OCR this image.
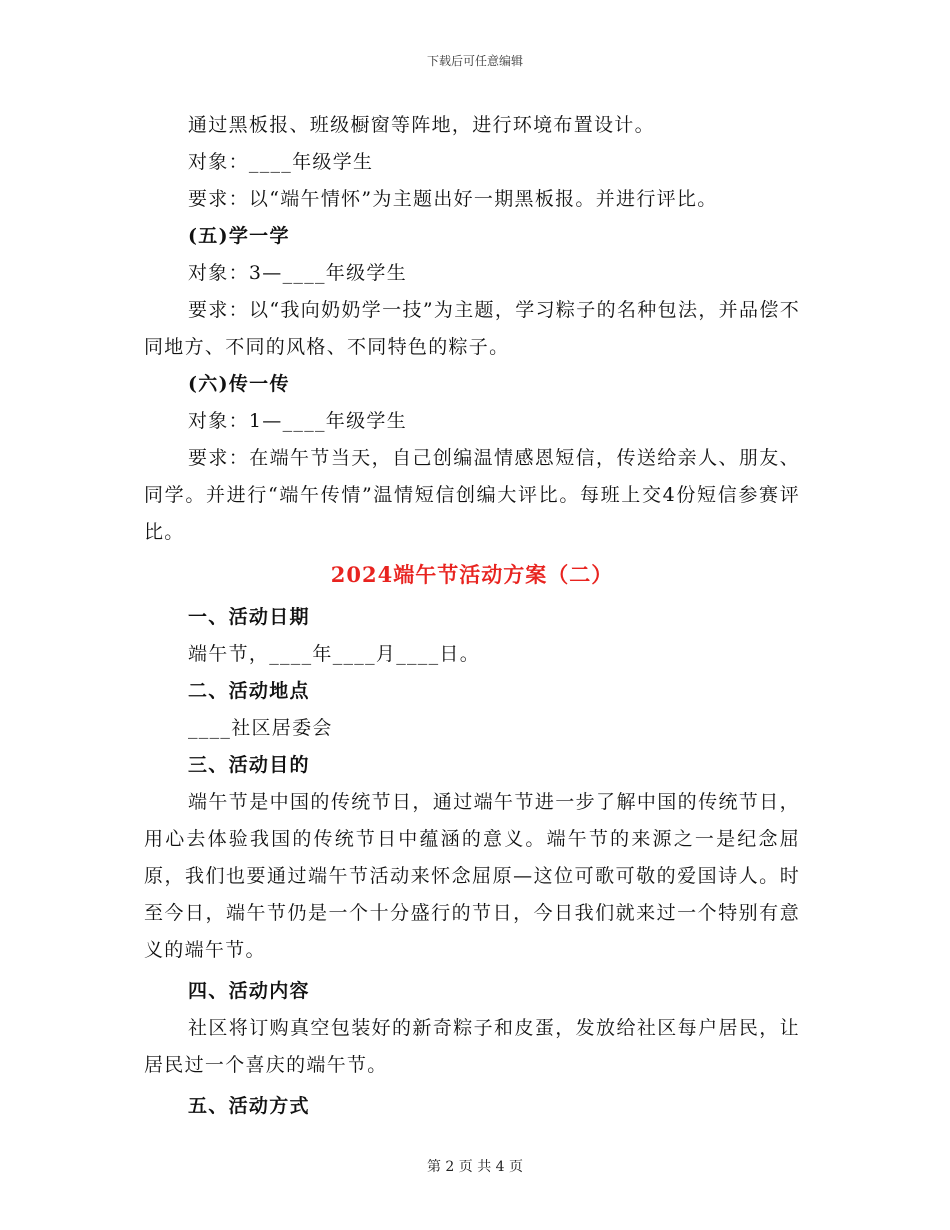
下载后可任意编辑

通过黑板报、班级橱窗等阵地，进行环境布置设计。

对象：____年级学生

要求：以“端午情怀”为主题出好一期黑板报。并进行评比。

(五)学一学

对象：3—____年级学生

要求：以“我向奶奶学一技”为主题，学习粽子的名种包法，并品偿不同地方、不同的风格、不同特色的粽子。

(六)传一传

对象：1—____年级学生

要求：在端午节当天，自己创编温情感恩短信，传送给亲人、朋友、同学。并进行“端午传情”温情短信创编大评比。每班上交4份短信参赛评比。

2024端午节活动方案（二）

一、活动日期

端午节，____年____月____日。

二、活动地点

____社区居委会

三、活动目的

端午节是中国的传统节日，通过端午节进一步了解中国的传统节日，用心去体验我国的传统节日中蕴涵的意义。端午节的来源之一是纪念屈原，我们也要通过端午节活动来怀念屈原—这位可歌可敬的爱国诗人。时至今日，端午节仍是一个十分盛行的节日，今日我们就来过一个特别有意义的端午节。

四、活动内容

社区将订购真空包装好的新奇粽子和皮蛋，发放给社区每户居民，让居民过一个喜庆的端午节。

五、活动方式

第 2 页 共 4 页
